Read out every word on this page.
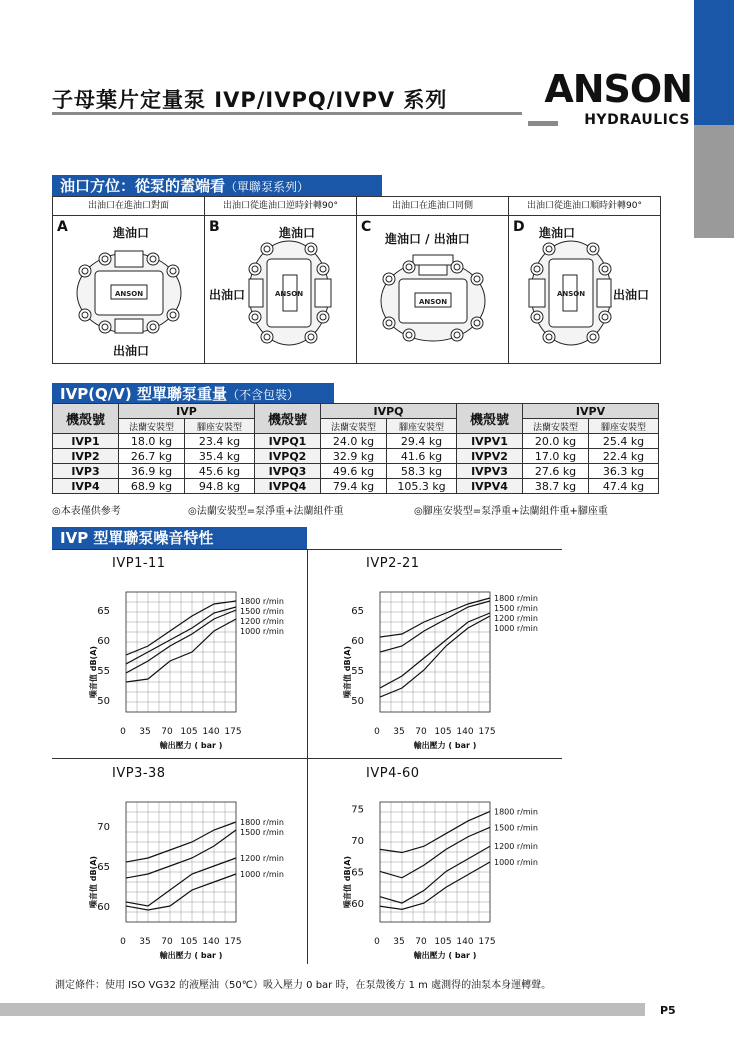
子母葉片定量泵 IVP/IVPQ/IVPV 系列	ANSON
HYDRAULICS
油口方位：從泵的蓋端看（單聯泵系列）
出油口在進油口對面	出油口從進油口逆時針轉90°	出油口在進油口同側	出油口從進油口順時針轉90°
A	進油口
ANSON
出油口
B	進油口
ANSON
出油口
C
進油口 / 出油口
ANSON
D 進油口
ANSON 出油口
IVP(Q/V) 型單聯泵重量（不含包裝）
機殼號	IVP		機殼號	IVPQ		機殼號	IVPV	
	法蘭安裝型	腳座安裝型		法蘭安裝型	腳座安裝型		法蘭安裝型	腳座安裝型
IVP1	18.0 kg	23.4 kg	IVPQ1	24.0 kg	29.4 kg	IVPV1	20.0 kg	25.4 kg
IVP2	26.7 kg	35.4 kg	IVPQ2	32.9 kg	41.6 kg	IVPV2	17.0 kg	22.4 kg
IVP3	36.9 kg	45.6 kg	IVPQ3	49.6 kg	58.3 kg	IVPV3	27.6 kg	36.3 kg
IVP4	68.9 kg	94.8 kg	IVPQ4	79.4 kg	105.3 kg	IVPV4	38.7 kg	47.4 kg
◎本表僅供參考	◎法蘭安裝型=泵淨重+法蘭組件重	◎腳座安裝型=泵淨重+法蘭組件重+腳座重
IVP 型單聯泵噪音特性
IVP1-11	IVP2-21
IVP3-38	IVP4-60
50
55
60
65
0 35 70 105 140 175
輸出壓力 ( bar )
噪音值 dB(A)
1800 r/min
1500 r/min
1200 r/min
1000 r/min
50
55
60
65
0 35 70 105 140 175
輸出壓力 ( bar )
噪音值 dB(A)
1800 r/min
1500 r/min
1200 r/min
1000 r/min
60
65
70
0 35 70 105 140 175
輸出壓力 ( bar )
噪音值 dB(A)
1800 r/min
1500 r/min
1200 r/min
1000 r/min
60
65
70
75
0 35 70 105 140 175
輸出壓力 ( bar )
噪音值 dB(A)
1800 r/min
1500 r/min
1200 r/min
1000 r/min
測定條件：使用 ISO VG32 的液壓油（50℃）吸入壓力 0 bar 時，在泵殼後方 1 m 處測得的油泵本身運轉聲。
P5
